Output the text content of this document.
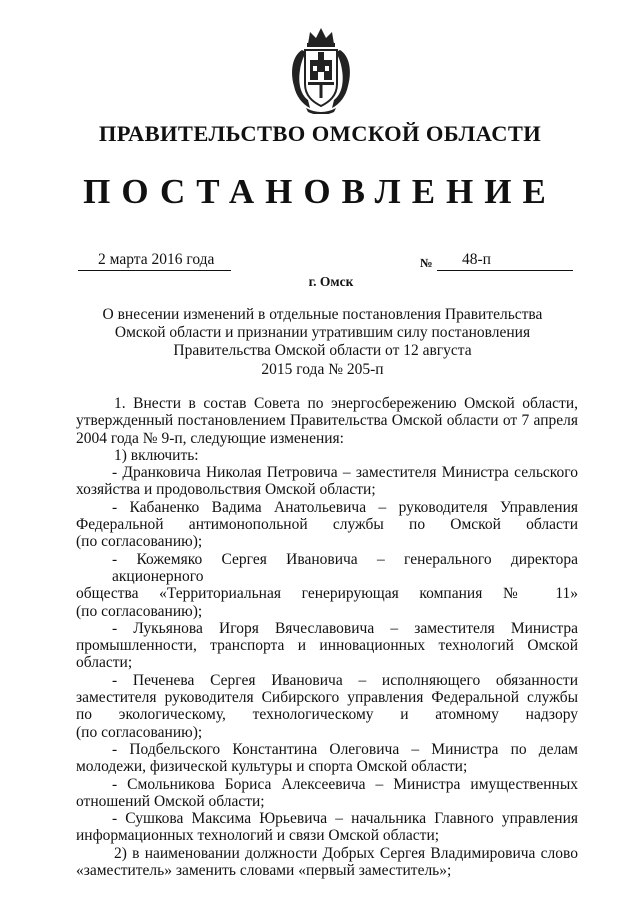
ПРАВИТЕЛЬСТВО ОМСКОЙ ОБЛАСТИ
ПОСТАНОВЛЕНИЕ
2 марта 2016 года	№ 48-п
г. Омск
О внесении изменений в отдельные постановления Правительства
Омской области и признании утратившим силу постановления
Правительства Омской области от 12 августа
2015 года № 205-п
1. Внести в состав Совета по энергосбережению Омской области,
утвержденный постановлением Правительства Омской области от 7 апреля
2004 года № 9-п, следующие изменения:
1) включить:
- Дранковича Николая Петровича – заместителя Министра сельского
хозяйства и продовольствия Омской области;
- Кабаненко Вадима Анатольевича – руководителя Управления
Федеральной антимонопольной службы по Омской области
(по согласованию);
- Кожемяко Сергея Ивановича – генерального директора акционерного
общества «Территориальная генерирующая компания № 11»
(по согласованию);
- Лукьянова Игоря Вячеславовича – заместителя Министра
промышленности, транспорта и инновационных технологий Омской области;
- Печенева Сергея Ивановича – исполняющего обязанности
заместителя руководителя Сибирского управления Федеральной службы
по экологическому, технологическому и атомному надзору
(по согласованию);
- Подбельского Константина Олеговича – Министра по делам
молодежи, физической культуры и спорта Омской области;
- Смольникова Бориса Алексеевича – Министра имущественных
отношений Омской области;
- Сушкова Максима Юрьевича – начальника Главного управления
информационных технологий и связи Омской области;
2) в наименовании должности Добрых Сергея Владимировича слово
«заместитель» заменить словами «первый заместитель»;
